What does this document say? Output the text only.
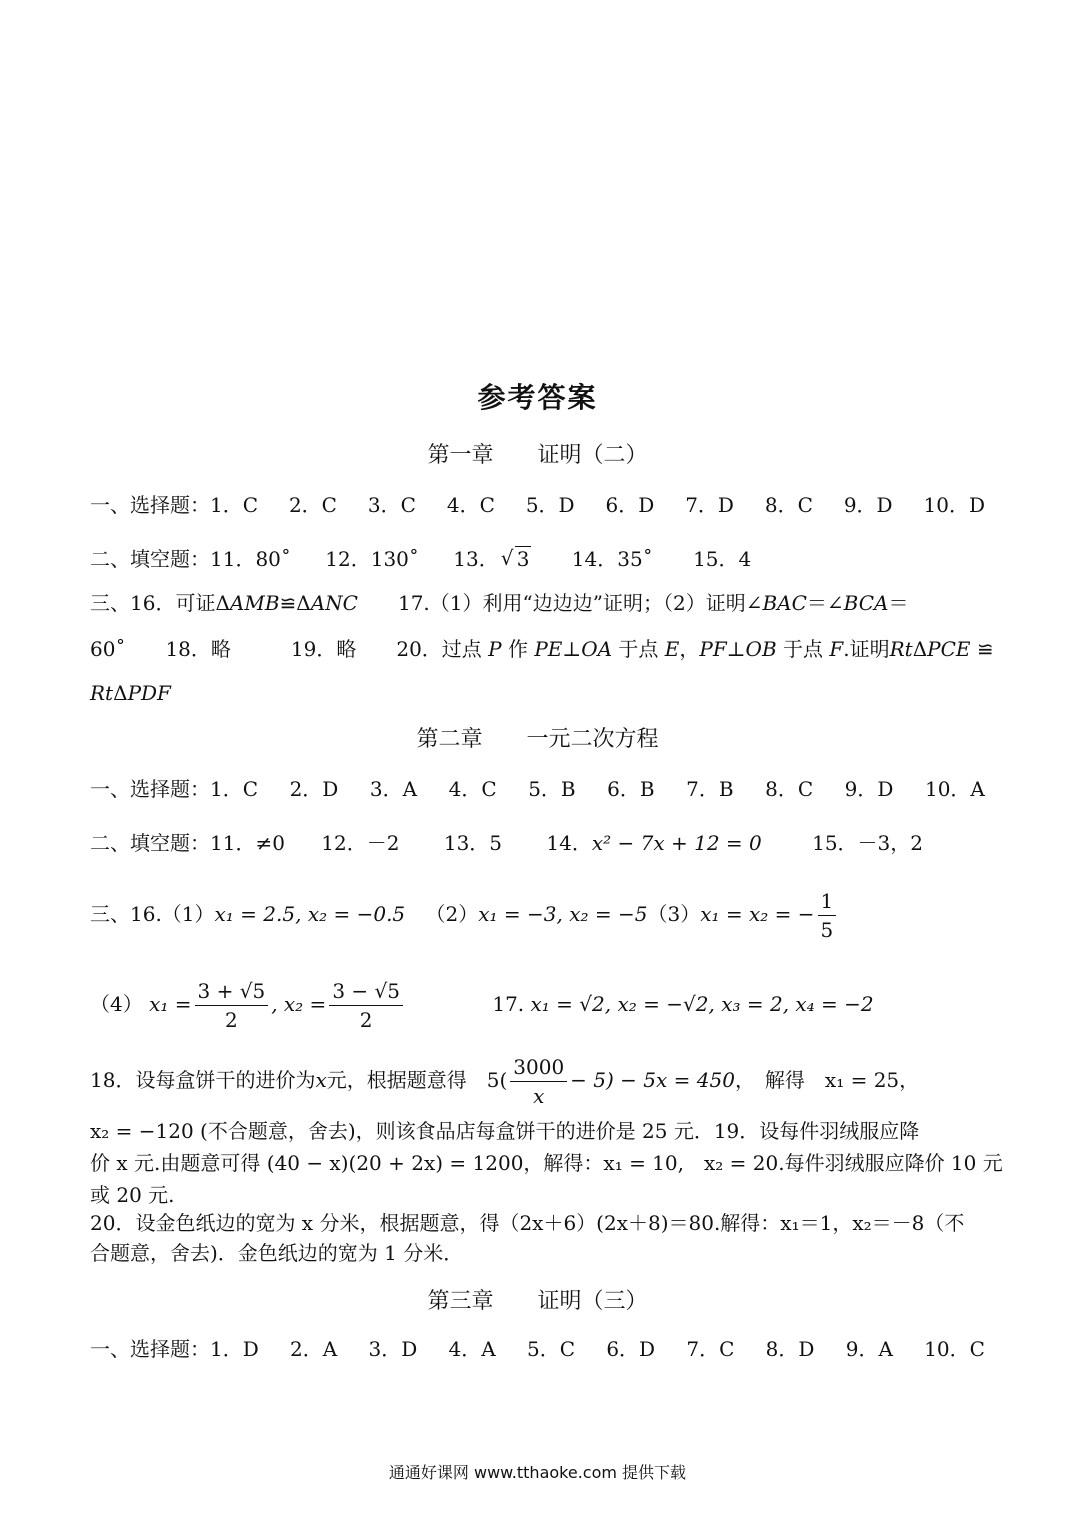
参考答案
第一章　　证明（二）
一、选择题：1．C 2．C 3．C 4．C 5．D 6．D 7．D 8．C 9．D 10．D
二、填空题：11．80˚ 12．130˚ 13．√ 3 14．35˚ 15．4
三、16．可证ΔAMB≌ΔANC　　17.（1）利用“边边边”证明；（2）证明∠BAC＝∠BCA＝
60˚　　18．略　　　19．略　　20．过点 P 作 PE⊥OA 于点 E，PF⊥OB 于点 F.证明RtΔPCE ≌
RtΔPDF
第二章　　一元二次方程
一、选择题：1．C 2．D 3．A 4．C 5．B 6．B 7．B 8．C 9．D 10．A
二、填空题：11．≠0 12．－2 13．5 14．x² − 7x + 12 = 0	15．－3，2
三、16.（1）x₁ = 2.5, x₂ = −0.5 （2）x₁ = −3, x₂ = −5（3）x₁ = x₂ = − $\frac{1}{5}$
（4） $x_1 = \frac{3 + √5}{2}$ , $x_2 = \frac{3 - √5}{2}$	17. x₁ = √2, x₂ = −√2, x₃ = 2, x₄ = −2
18．设每盒饼干的进价为x元，根据题意得　$5( \frac{3000}{x} - 5) - 5x = 450$，　解得　x₁ = 25，
x₂ = −120 (不合题意，舍去)，则该食品店每盒饼干的进价是 25 元．19．设每件羽绒服应降
价 x 元.由题意可得 (40 − x)(20 + 2x) = 1200，解得：x₁ = 10,　x₂ = 20.每件羽绒服应降价 10 元
或 20 元.
20．设金色纸边的宽为 x 分米，根据题意，得（2x＋6）(2x＋8)＝80.解得：x₁＝1，x₂＝－8（不
合题意，舍去)．金色纸边的宽为 1 分米．
第三章　　证明（三）
一、选择题：1．D 2．A 3．D 4．A 5．C 6．D 7．C 8．D 9．A 10．C
通通好课网 www.tthaoke.com 提供下载
